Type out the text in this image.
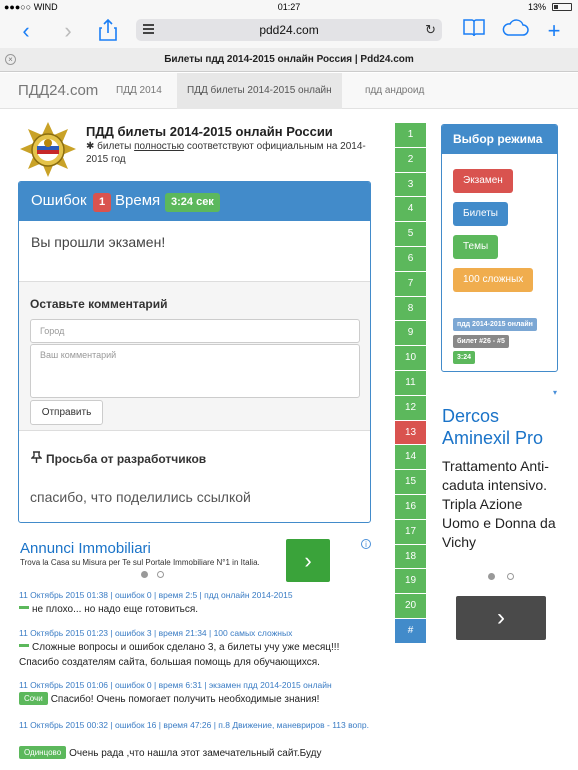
●●●○○ WIND ︎	01:27	13%
‹	›	+
pdd24.com	↻
×	Билеты пдд 2014-2015 онлайн Россия | Pdd24.com
ПДД24.com	ПДД 2014	ПДД билеты 2014-2015 онлайн	пдд андроид
ПДД билеты 2014-2015 онлайн России
✱ билеты полностью соответствуют официальным на 2014-2015 год
Ошибок	1 Время 3:24 сек
Вы прошли экзамен!
Оставьте комментарий
Город
Ваш комментарий
Отправить
Просьба от разработчиков
спасибо, что поделились ссылкой
1
2
3
4
5
6
7
8
9
10
11
12
13
14
15
16
17
18
19
20
#
Выбор режима
Экзамен
Билеты
Темы
100 сложных
пдд 2014-2015 онлайн
билет #26 - #5
3:24
▾
Dercos Aminexil Pro
Trattamento Anti-caduta intensivo. Tripla Azione Uomo e Donna da Vichy
›
Annunci Immobiliari
Trova la Casa su Misura per Te sul Portale Immobiliare N°1 in Italia.	›
i
11 Октябрь 2015 01:38 | ошибок 0 | время 2:5 | пдд онлайн 2014-2015
не плохо... но надо еще готовиться.
11 Октябрь 2015 01:23 | ошибок 3 | время 21:34 | 100 самых сложных
Сложные вопросы и ошибок сделано 3, а билеты учу уже месяц!!! Спасибо создателям сайта, большая помощь для обучающихся.
11 Октябрь 2015 01:06 | ошибок 0 | время 6:31 | экзамен пдд 2014-2015 онлайн
Сочи Спасибо! Очень помогает получить необходимые знания!
11 Октябрь 2015 00:32 | ошибок 16 | время 47:26 | п.8 Движение, маневриров - 113 вопр.
Одинцово Очень рада ,что нашла этот замечательный сайт.Буду
